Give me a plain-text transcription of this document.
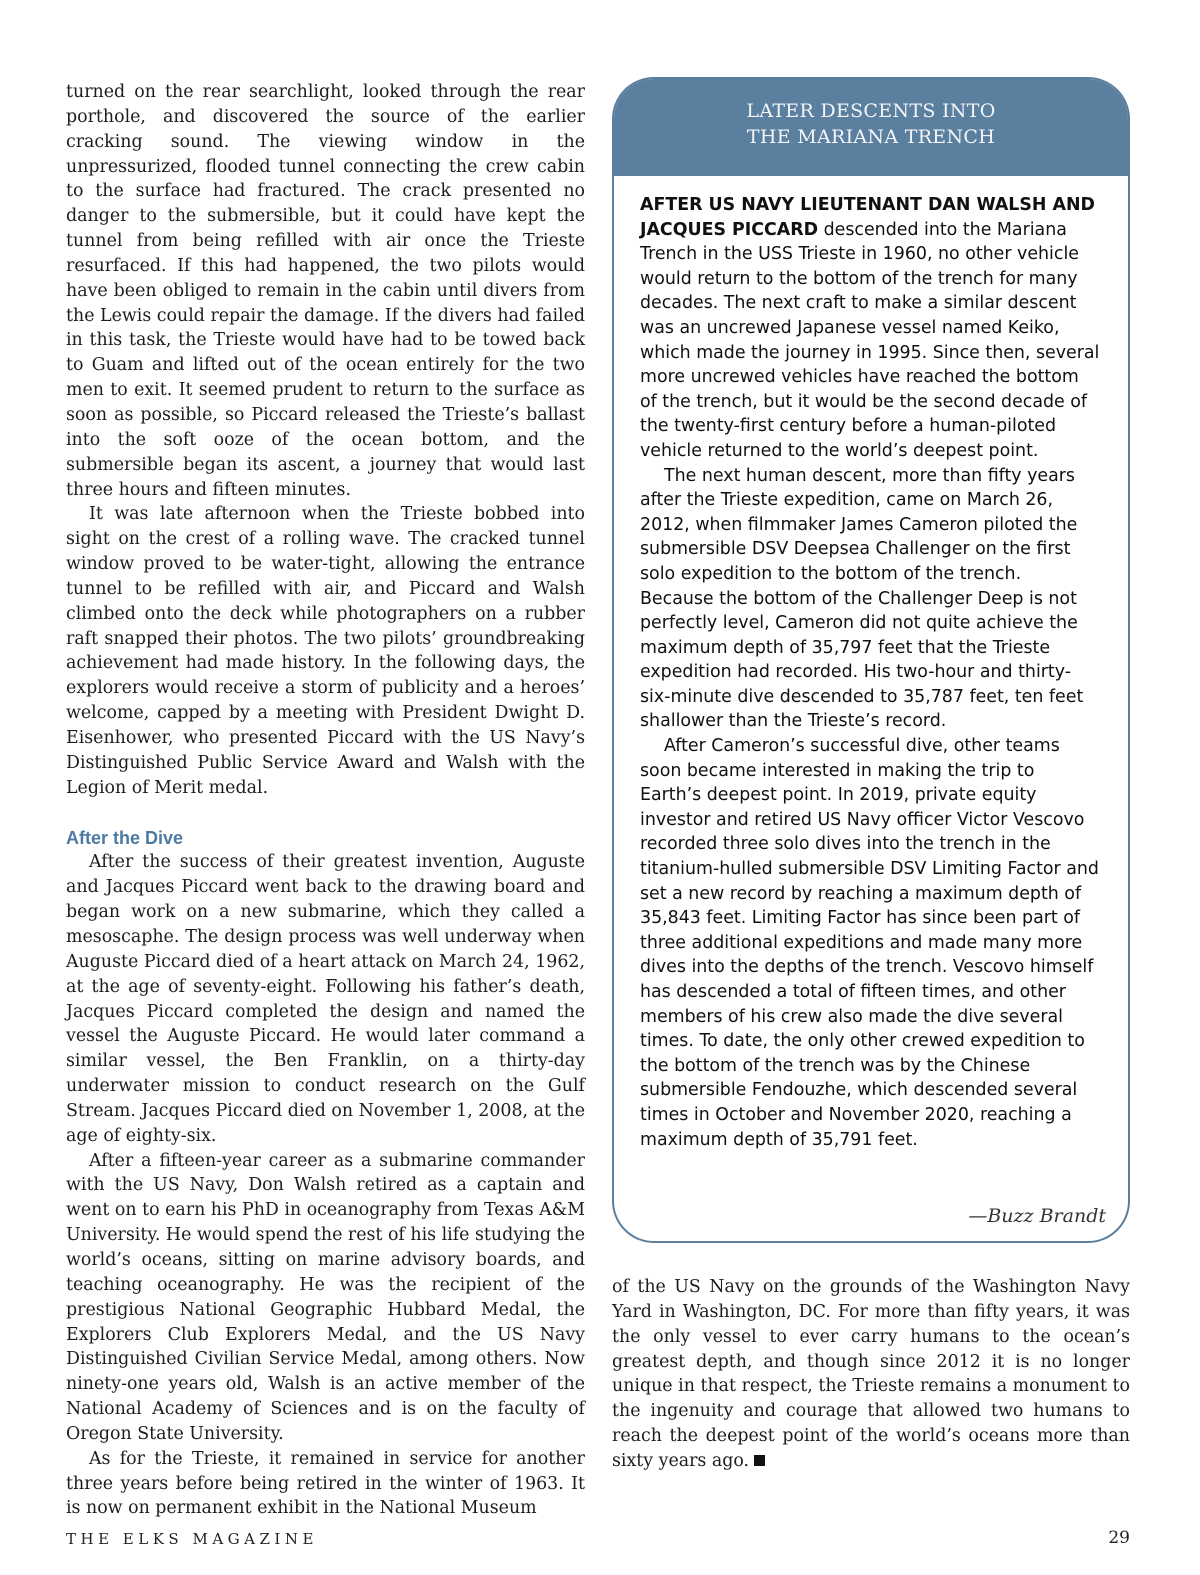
turned on the rear searchlight, looked through the rear porthole, and discovered the source of the earlier cracking sound. The viewing window in the unpressurized, flooded tunnel connecting the crew cabin to the surface had fractured. The crack presented no danger to the submersible, but it could have kept the tunnel from being refilled with air once the Trieste resurfaced. If this had happened, the two pilots would have been obliged to remain in the cabin until divers from the Lewis could repair the damage. If the divers had failed in this task, the Trieste would have had to be towed back to Guam and lifted out of the ocean entirely for the two men to exit. It seemed prudent to return to the surface as soon as possible, so Piccard released the Trieste’s ballast into the soft ooze of the ocean bottom, and the submersible began its ascent, a journey that would last three hours and fifteen minutes.

It was late afternoon when the Trieste bobbed into sight on the crest of a rolling wave. The cracked tunnel window proved to be water-tight, allowing the entrance tunnel to be refilled with air, and Piccard and Walsh climbed onto the deck while photographers on a rubber raft snapped their photos. The two pilots’ groundbreaking achievement had made history. In the following days, the explorers would receive a storm of publicity and a heroes’ welcome, capped by a meeting with President Dwight D. Eisenhower, who presented Piccard with the US Navy’s Distinguished Public Service Award and Walsh with the Legion of Merit medal.

After the Dive

After the success of their greatest invention, Auguste and Jacques Piccard went back to the drawing board and began work on a new submarine, which they called a mesoscaphe. The design process was well underway when Auguste Piccard died of a heart attack on March 24, 1962, at the age of seventy-eight. Following his father’s death, Jacques Piccard completed the design and named the vessel the Auguste Piccard. He would later command a similar vessel, the Ben Franklin, on a thirty-day underwater mission to conduct research on the Gulf Stream. Jacques Piccard died on November 1, 2008, at the age of eighty-six.

After a fifteen-year career as a submarine commander with the US Navy, Don Walsh retired as a captain and went on to earn his PhD in oceanography from Texas A&M University. He would spend the rest of his life studying the world’s oceans, sitting on marine advisory boards, and teaching oceanography. He was the recipient of the prestigious National Geographic Hubbard Medal, the Explorers Club Explorers Medal, and the US Navy Distinguished Civilian Service Medal, among others. Now ninety-one years old, Walsh is an active member of the National Academy of Sciences and is on the faculty of Oregon State University.

As for the Trieste, it remained in service for another three years before being retired in the winter of 1963. It is now on permanent exhibit in the National Museum

LATER DESCENTS INTO
THE MARIANA TRENCH

AFTER US NAVY LIEUTENANT DAN WALSH AND JACQUES PICCARD descended into the Mariana Trench in the USS Trieste in 1960, no other vehicle would return to the bottom of the trench for many decades. The next craft to make a similar descent was an uncrewed Japanese vessel named Keiko, which made the journey in 1995. Since then, several more uncrewed vehicles have reached the bottom of the trench, but it would be the second decade of the twenty-first century before a human-piloted vehicle returned to the world’s deepest point.

The next human descent, more than fifty years after the Trieste expedition, came on March 26, 2012, when filmmaker James Cameron piloted the submersible DSV Deepsea Challenger on the first solo expedition to the bottom of the trench. Because the bottom of the Challenger Deep is not perfectly level, Cameron did not quite achieve the maximum depth of 35,797 feet that the Trieste expedition had recorded. His two-hour and thirty-six-minute dive descended to 35,787 feet, ten feet shallower than the Trieste’s record.

After Cameron’s successful dive, other teams soon became interested in making the trip to Earth’s deepest point. In 2019, private equity investor and retired US Navy officer Victor Vescovo recorded three solo dives into the trench in the titanium-hulled submersible DSV Limiting Factor and set a new record by reaching a maximum depth of 35,843 feet. Limiting Factor has since been part of three additional expeditions and made many more dives into the depths of the trench. Vescovo himself has descended a total of fifteen times, and other members of his crew also made the dive several times. To date, the only other crewed expedition to the bottom of the trench was by the Chinese submersible Fendouzhe, which descended several times in October and November 2020, reaching a maximum depth of 35,791 feet.

—Buzz Brandt

of the US Navy on the grounds of the Washington Navy Yard in Washington, DC. For more than fifty years, it was the only vessel to ever carry humans to the ocean’s greatest depth, and though since 2012 it is no longer unique in that respect, the Trieste remains a monument to the ingenuity and courage that allowed two humans to reach the deepest point of the world’s oceans more than sixty years ago.

THE ELKS MAGAZINE	29
